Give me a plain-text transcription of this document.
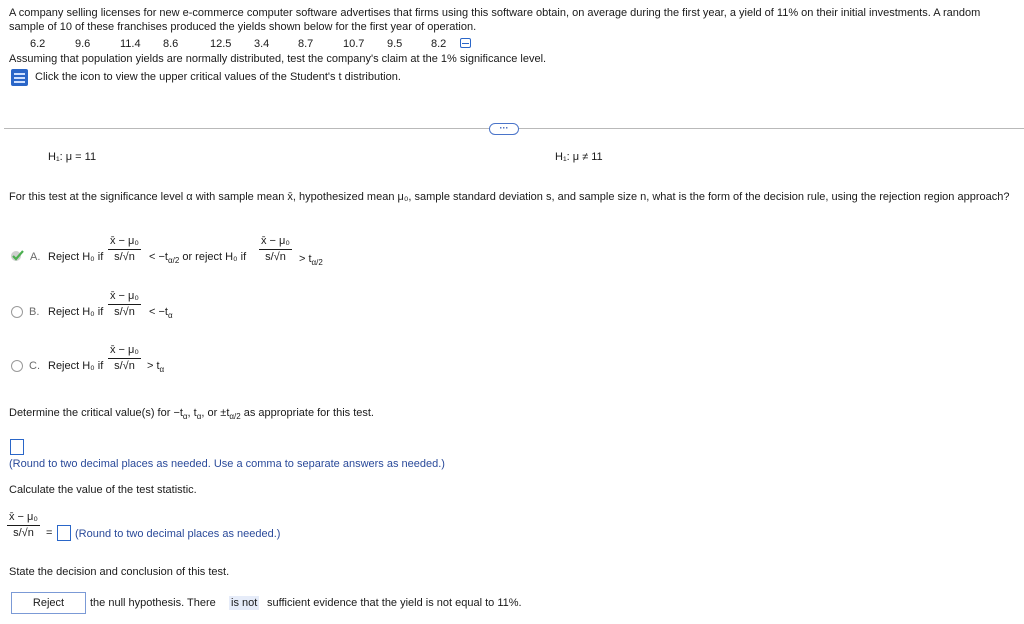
A company selling licenses for new e-commerce computer software advertises that firms using this software obtain, on average during the first year, a yield of 11% on their initial investments. A random sample of 10 of these franchises produced the yields shown below for the first year of operation.
6.2	9.6	11.4 8.6	12.5 3.4	8.7	10.7 9.5	8.2
Assuming that population yields are normally distributed, test the company's claim at the 1% significance level.
Click the icon to view the upper critical values of the Student's t distribution.
···
H₁: μ = 11	H₁: μ ≠ 11
For this test at the significance level α with sample mean x̄, hypothesized mean μ₀, sample standard deviation s, and sample size n, what is the form of the decision rule, using the rejection region approach?
A. Reject H₀ if $\frac{\text{x̄ − μ₀}}{s/√n} < -t_{\alpha/2}$ or reject H₀ if $\frac{\text{x̄ − μ₀}}{s/√n} > t_{\alpha/2}$
B. Reject H₀ if $\frac{\text{x̄ − μ₀}}{s/√n} < -t_\alpha$
C. Reject H₀ if $\frac{\text{x̄ − μ₀}}{s/√n} > t_\alpha$
Determine the critical value(s) for $-t_\alpha$, $t_\alpha$, or $\pm t_{\alpha/2}$ as appropriate for this test.
(Round to two decimal places as needed. Use a comma to separate answers as needed.)
Calculate the value of the test statistic.
$\frac{\text{x̄ − μ₀}}{s/√n}$ = (Round to two decimal places as needed.)
State the decision and conclusion of this test.
Reject	the null hypothesis. There is not sufficient evidence that the yield is not equal to 11%.
